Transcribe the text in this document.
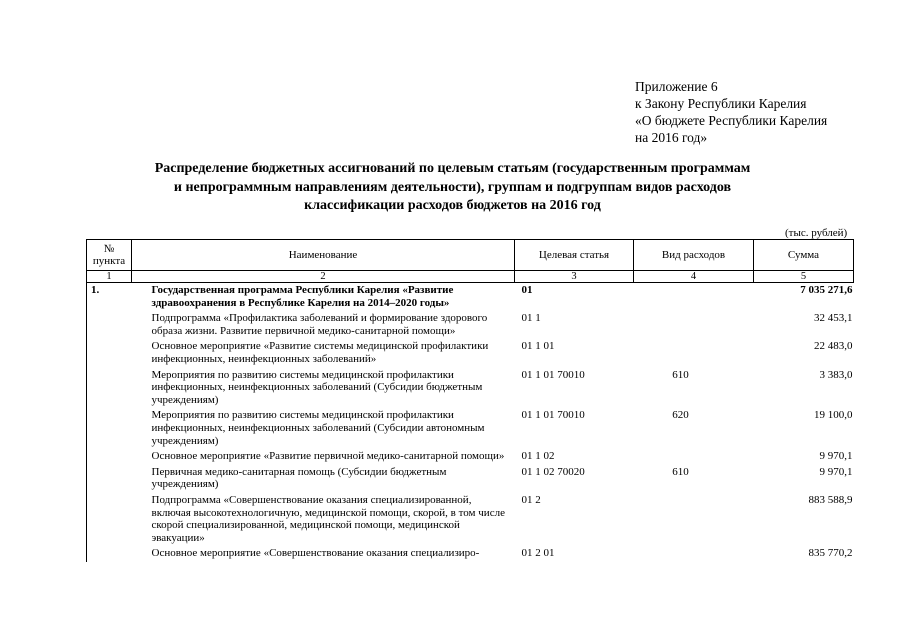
Приложение 6
к Закону Республики Карелия
«О бюджете Республики Карелия
на 2016 год»
Распределение бюджетных ассигнований по целевым статьям (государственным программам
и непрограммным направлениям деятельности), группам и подгруппам видов расходов
классификации расходов бюджетов на 2016 год
(тыс. рублей)
№ пункта	Наименование	Целевая статья	Вид расходов	Сумма
1	2	3	4	5
1.	Государственная программа Республики Карелия «Развитие здравоохранения в Республике Карелия на 2014–2020 годы»	01		7 035 271,6
	Подпрограмма «Профилактика заболеваний и формирование здорового образа жизни. Развитие первичной медико-санитарной помощи»	01 1		32 453,1
	Основное мероприятие «Развитие системы медицинской профилактики инфекционных, неинфекционных заболеваний»	01 1 01		22 483,0
	Мероприятия по развитию системы медицинской профилактики инфекционных, неинфекционных заболеваний (Субсидии бюджетным учреждениям)	01 1 01 70010	610	3 383,0
	Мероприятия по развитию системы медицинской профилактики инфекционных, неинфекционных заболеваний (Субсидии автономным учреждениям)	01 1 01 70010	620	19 100,0
	Основное мероприятие «Развитие первичной медико-санитарной помощи»	01 1 02		9 970,1
	Первичная медико-санитарная помощь (Субсидии бюджетным учреждениям)	01 1 02 70020	610	9 970,1
	Подпрограмма «Совершенствование оказания специализированной, включая высокотехнологичную, медицинской помощи, скорой, в том числе скорой специализированной, медицинской помощи, медицинской эвакуации»	01 2		883 588,9
	Основное мероприятие «Совершенствование оказания специализиро-	01 2 01		835 770,2
